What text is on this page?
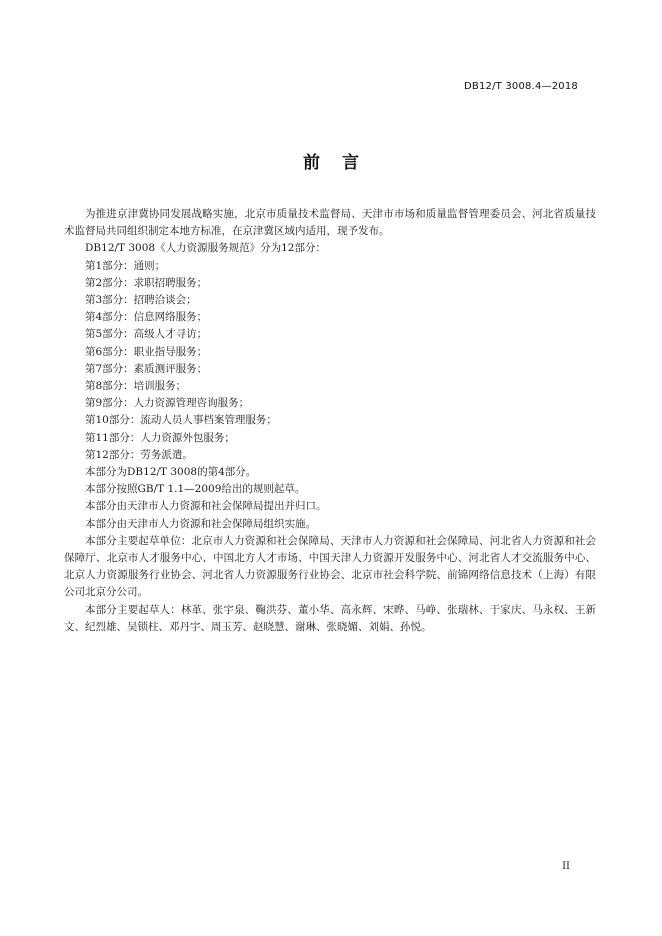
DB12/T 3008.4—2018
前言

为推进京津冀协同发展战略实施，北京市质量技术监督局、天津市市场和质量监督管理委员会、河北省质量技术监督局共同组织制定本地方标准，在京津冀区域内适用，现予发布。

DB12/T 3008《人力资源服务规范》分为12部分：

第1部分：通则；

第2部分：求职招聘服务；

第3部分：招聘洽谈会；

第4部分：信息网络服务；

第5部分：高级人才寻访；

第6部分：职业指导服务；

第7部分：素质测评服务；

第8部分：培训服务；

第9部分：人力资源管理咨询服务；

第10部分：流动人员人事档案管理服务；

第11部分：人力资源外包服务；

第12部分：劳务派遣。

本部分为DB12/T 3008的第4部分。

本部分按照GB/T 1.1—2009给出的规则起草。

本部分由天津市人力资源和社会保障局提出并归口。

本部分由天津市人力资源和社会保障局组织实施。

本部分主要起草单位：北京市人力资源和社会保障局、天津市人力资源和社会保障局、河北省人力资源和社会保障厅、北京市人才服务中心、中国北方人才市场、中国天津人力资源开发服务中心、河北省人才交流服务中心、北京人力资源服务行业协会、河北省人力资源服务行业协会、北京市社会科学院、前锦网络信息技术（上海）有限公司北京分公司。

本部分主要起草人：林革、张宇泉、鞠洪芬、董小华、高永辉、宋晔、马峥、张瑞林、于家庆、马永权、王新文、纪烈雄、吴锁柱、邓丹宇、周玉芳、赵晓慧、谢琳、张晓媚、刘娟、孙悦。

II
